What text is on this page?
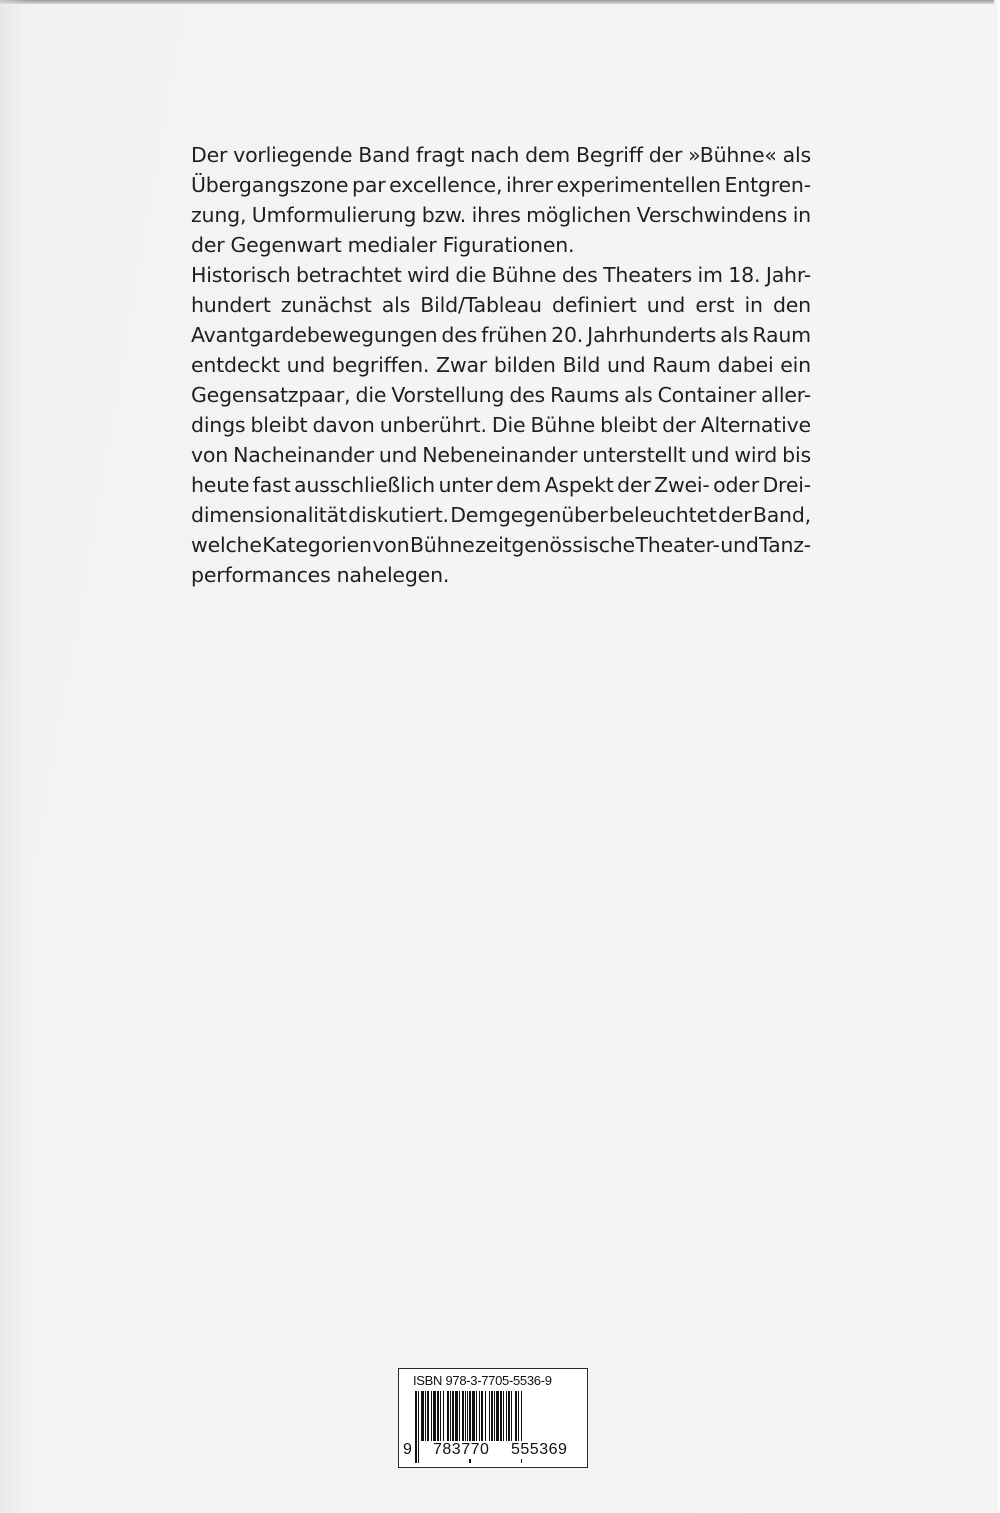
Der vorliegende Band fragt nach dem Begriff der »Bühne« als
Übergangszone par excellence, ihrer experimentellen Entgren-
zung, Umformulierung bzw. ihres möglichen Verschwindens in
der Gegenwart medialer Figurationen.
Historisch betrachtet wird die Bühne des Theaters im 18. Jahr-
hundert zunächst als Bild/Tableau definiert und erst in den
Avantgardebewegungen des frühen 20. Jahrhunderts als Raum
entdeckt und begriffen. Zwar bilden Bild und Raum dabei ein
Gegensatzpaar, die Vorstellung des Raums als Container aller-
dings bleibt davon unberührt. Die Bühne bleibt der Alternative
von Nacheinander und Nebeneinander unterstellt und wird bis
heute fast ausschließlich unter dem Aspekt der Zwei- oder Drei-
dimensionalität diskutiert. Demgegenüber beleuchtet der Band,
welche Kategorien von Bühne zeitgenössische Theater- und Tanz-
performances nahelegen.
ISBN 978-3-7705-5536-9
9 783770 555369
